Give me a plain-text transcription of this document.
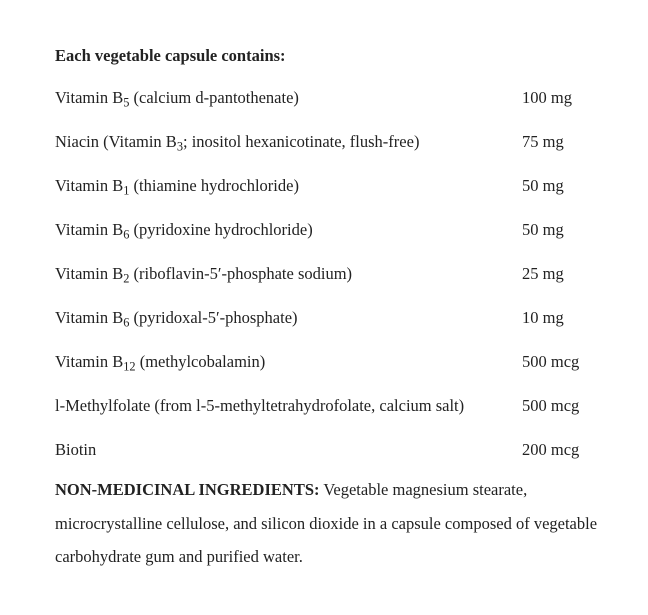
Each vegetable capsule contains:
Vitamin $B_5$ (calcium d-pantothenate)	100 mg
Niacin (Vitamin $B_3$; inositol hexanicotinate, flush-free)	75 mg
Vitamin $B_1$ (thiamine hydrochloride)	50 mg
Vitamin $B_6$ (pyridoxine hydrochloride)	50 mg
Vitamin $B_2$ (riboflavin-5′-phosphate sodium)	25 mg
Vitamin $B_6$ (pyridoxal-5′-phosphate)	10 mg
Vitamin $B_{12}$ (methylcobalamin)	500 mcg
l-Methylfolate (from l-5-methyltetrahydrofolate, calcium salt)	500 mcg
Biotin	200 mcg

NON-MEDICINAL INGREDIENTS: Vegetable magnesium stearate, microcrystalline cellulose, and silicon dioxide in a capsule composed of vegetable carbohydrate gum and purified water.
